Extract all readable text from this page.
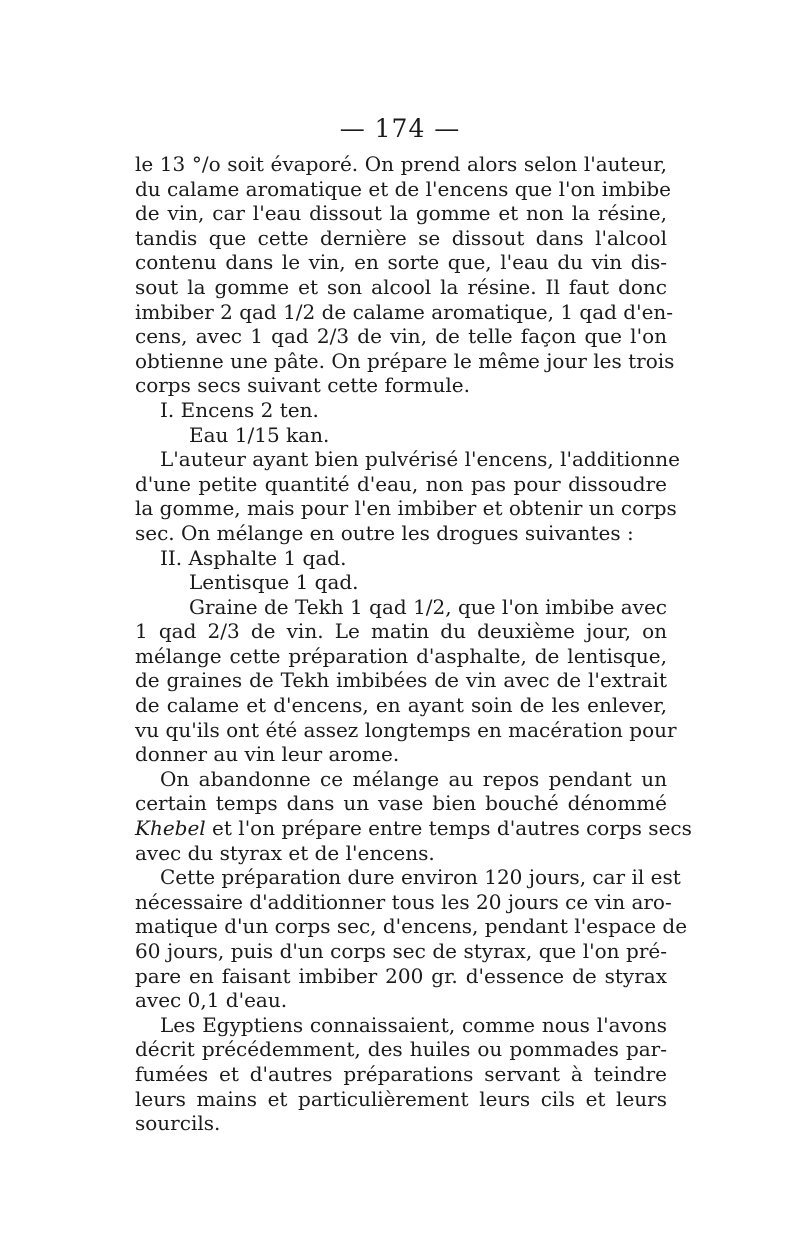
— 174 —
le 13 °/o soit évaporé. On prend alors selon l'auteur,
du calame aromatique et de l'encens que l'on imbibe
de vin, car l'eau dissout la gomme et non la résine,
tandis que cette dernière se dissout dans l'alcool
contenu dans le vin, en sorte que, l'eau du vin dis-
sout la gomme et son alcool la résine. Il faut donc
imbiber 2 qad 1/2 de calame aromatique, 1 qad d'en-
cens, avec 1 qad 2/3 de vin, de telle façon que l'on
obtienne une pâte. On prépare le même jour les trois
corps secs suivant cette formule.
I. Encens 2 ten.
Eau 1/15 kan.
L'auteur ayant bien pulvérisé l'encens, l'additionne
d'une petite quantité d'eau, non pas pour dissoudre
la gomme, mais pour l'en imbiber et obtenir un corps
sec. On mélange en outre les drogues suivantes :
II. Asphalte 1 qad.
Lentisque 1 qad.
Graine de Tekh 1 qad 1/2, que l'on imbibe avec
1 qad 2/3 de vin. Le matin du deuxième jour, on
mélange cette préparation d'asphalte, de lentisque,
de graines de Tekh imbibées de vin avec de l'extrait
de calame et d'encens, en ayant soin de les enlever,
vu qu'ils ont été assez longtemps en macération pour
donner au vin leur arome.
On abandonne ce mélange au repos pendant un
certain temps dans un vase bien bouché dénommé
Khebel et l'on prépare entre temps d'autres corps secs
avec du styrax et de l'encens.
Cette préparation dure environ 120 jours, car il est
nécessaire d'additionner tous les 20 jours ce vin aro-
matique d'un corps sec, d'encens, pendant l'espace de
60 jours, puis d'un corps sec de styrax, que l'on pré-
pare en faisant imbiber 200 gr. d'essence de styrax
avec 0,1 d'eau.
Les Egyptiens connaissaient, comme nous l'avons
décrit précédemment, des huiles ou pommades par-
fumées et d'autres préparations servant à teindre
leurs mains et particulièrement leurs cils et leurs
sourcils.
